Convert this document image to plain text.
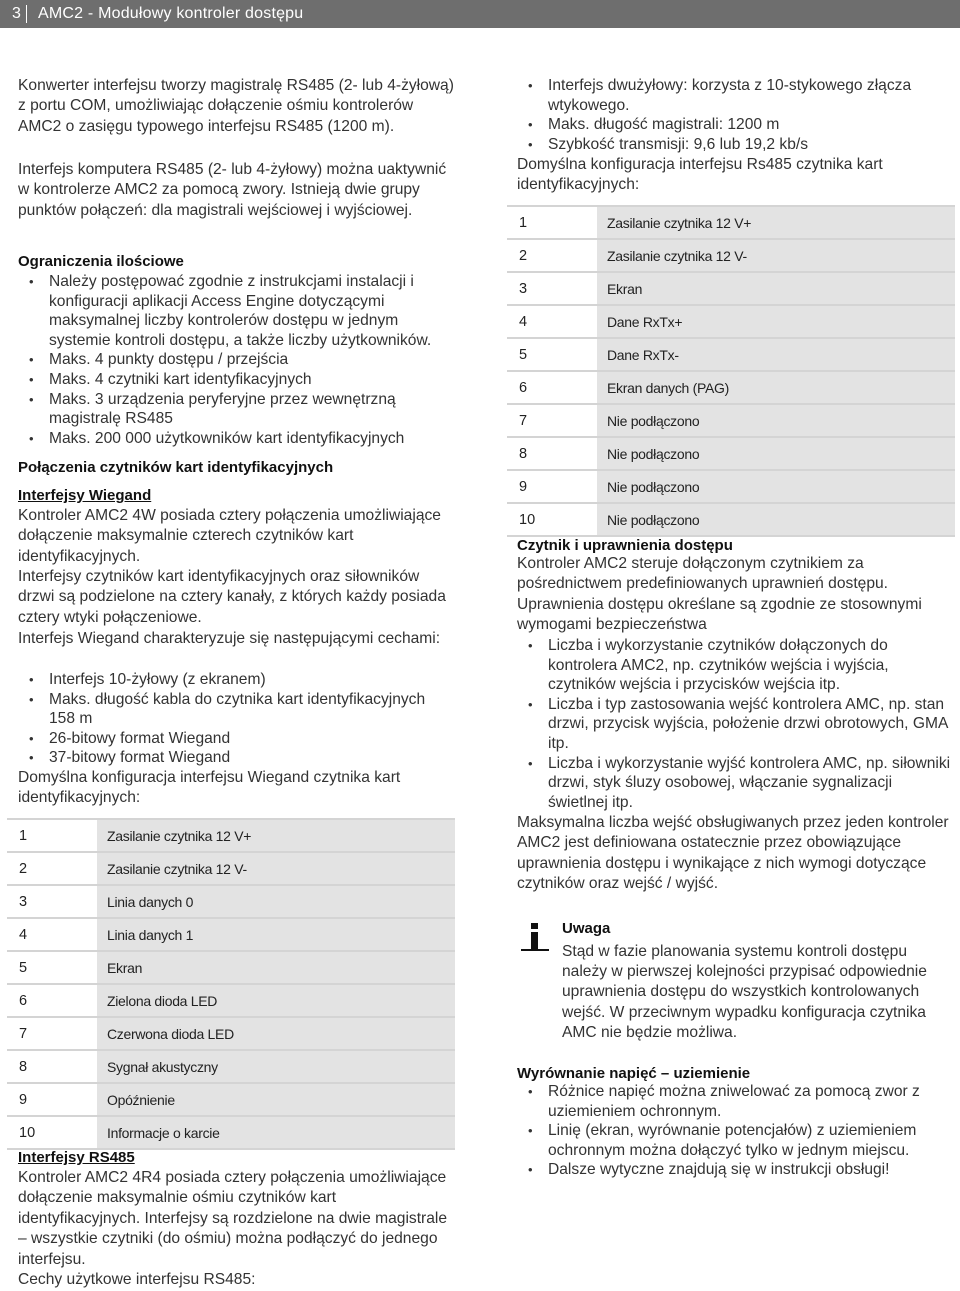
3 AMC2 - Modułowy kontroler dostępu

Konwerter interfejsu tworzy magistralę RS485 (2- lub 4-żyłową) z portu COM, umożliwiając dołączenie ośmiu kontrolerów AMC2 o zasięgu typowego interfejsu RS485 (1200 m).

Interfejs komputera RS485 (2- lub 4-żyłowy) można uaktywnić w kontrolerze AMC2 za pomocą zwory. Istnieją dwie grupy punktów połączeń: dla magistrali wejściowej i wyjściowej.

Ograniczenia ilościowe

• Należy postępować zgodnie z instrukcjami instalacji i konfiguracji aplikacji Access Engine dotyczącymi maksymalnej liczby kontrolerów dostępu w jednym systemie kontroli dostępu, a także liczby użytkowników.
• Maks. 4 punkty dostępu / przejścia
• Maks. 4 czytniki kart identyfikacyjnych
• Maks. 3 urządzenia peryferyjne przez wewnętrzną magistralę RS485
• Maks. 200 000 użytkowników kart identyfikacyjnych

Połączenia czytników kart identyfikacyjnych

Interfejsy Wiegand

Kontroler AMC2 4W posiada cztery połączenia umożliwiające dołączenie maksymalnie czterech czytników kart identyfikacyjnych.

Interfejsy czytników kart identyfikacyjnych oraz siłowników drzwi są podzielone na cztery kanały, z których każdy posiada cztery wtyki połączeniowe.

Interfejs Wiegand charakteryzuje się następującymi cechami:

• Interfejs 10-żyłowy (z ekranem)
• Maks. długość kabla do czytnika kart identyfikacyjnych 158 m
• 26-bitowy format Wiegand
• 37-bitowy format Wiegand

Domyślna konfiguracja interfejsu Wiegand czytnika kart identyfikacyjnych:

1	Zasilanie czytnika 12 V+
2	Zasilanie czytnika 12 V-
3	Linia danych 0
4	Linia danych 1
5	Ekran
6	Zielona dioda LED
7	Czerwona dioda LED
8	Sygnał akustyczny
9	Opóźnienie
10	Informacje o karcie

Interfejsy RS485

Kontroler AMC2 4R4 posiada cztery połączenia umożliwiające dołączenie maksymalnie ośmiu czytników kart identyfikacyjnych. Interfejsy są rozdzielone na dwie magistrale – wszystkie czytniki (do ośmiu) można podłączyć do jednego interfejsu.

Cechy użytkowe interfejsu RS485:

• Interfejs dwużyłowy: korzysta z 10-stykowego złącza wtykowego.
• Maks. długość magistrali: 1200 m
• Szybkość transmisji: 9,6 lub 19,2 kb/s

Domyślna konfiguracja interfejsu Rs485 czytnika kart identyfikacyjnych:

1	Zasilanie czytnika 12 V+
2	Zasilanie czytnika 12 V-
3	Ekran
4	Dane RxTx+
5	Dane RxTx-
6	Ekran danych (PAG)
7	Nie podłączono
8	Nie podłączono
9	Nie podłączono
10	Nie podłączono

Czytnik i uprawnienia dostępu

Kontroler AMC2 steruje dołączonym czytnikiem za pośrednictwem predefiniowanych uprawnień dostępu.

Uprawnienia dostępu określane są zgodnie ze stosownymi wymogami bezpieczeństwa

• Liczba i wykorzystanie czytników dołączonych do kontrolera AMC2, np. czytników wejścia i wyjścia, czytników wejścia i przycisków wejścia itp.
• Liczba i typ zastosowania wejść kontrolera AMC, np. stan drzwi, przycisk wyjścia, położenie drzwi obrotowych, GMA itp.
• Liczba i wykorzystanie wyjść kontrolera AMC, np. siłowniki drzwi, styk śluzy osobowej, włączanie sygnalizacji świetlnej itp.

Maksymalna liczba wejść obsługiwanych przez jeden kontroler AMC2 jest definiowana ostatecznie przez obowiązujące uprawnienia dostępu i wynikające z nich wymogi dotyczące czytników oraz wejść / wyjść.

Uwaga
Stąd w fazie planowania systemu kontroli dostępu należy w pierwszej kolejności przypisać odpowiednie uprawnienia dostępu do wszystkich kontrolowanych wejść. W przeciwnym wypadku konfiguracja czytnika AMC nie będzie możliwa.

Wyrównanie napięć – uziemienie

• Różnice napięć można zniwelować za pomocą zwor z uziemieniem ochronnym.
• Linię (ekran, wyrównanie potencjałów) z uziemieniem ochronnym można dołączyć tylko w jednym miejscu.
• Dalsze wytyczne znajdują się w instrukcji obsługi!
